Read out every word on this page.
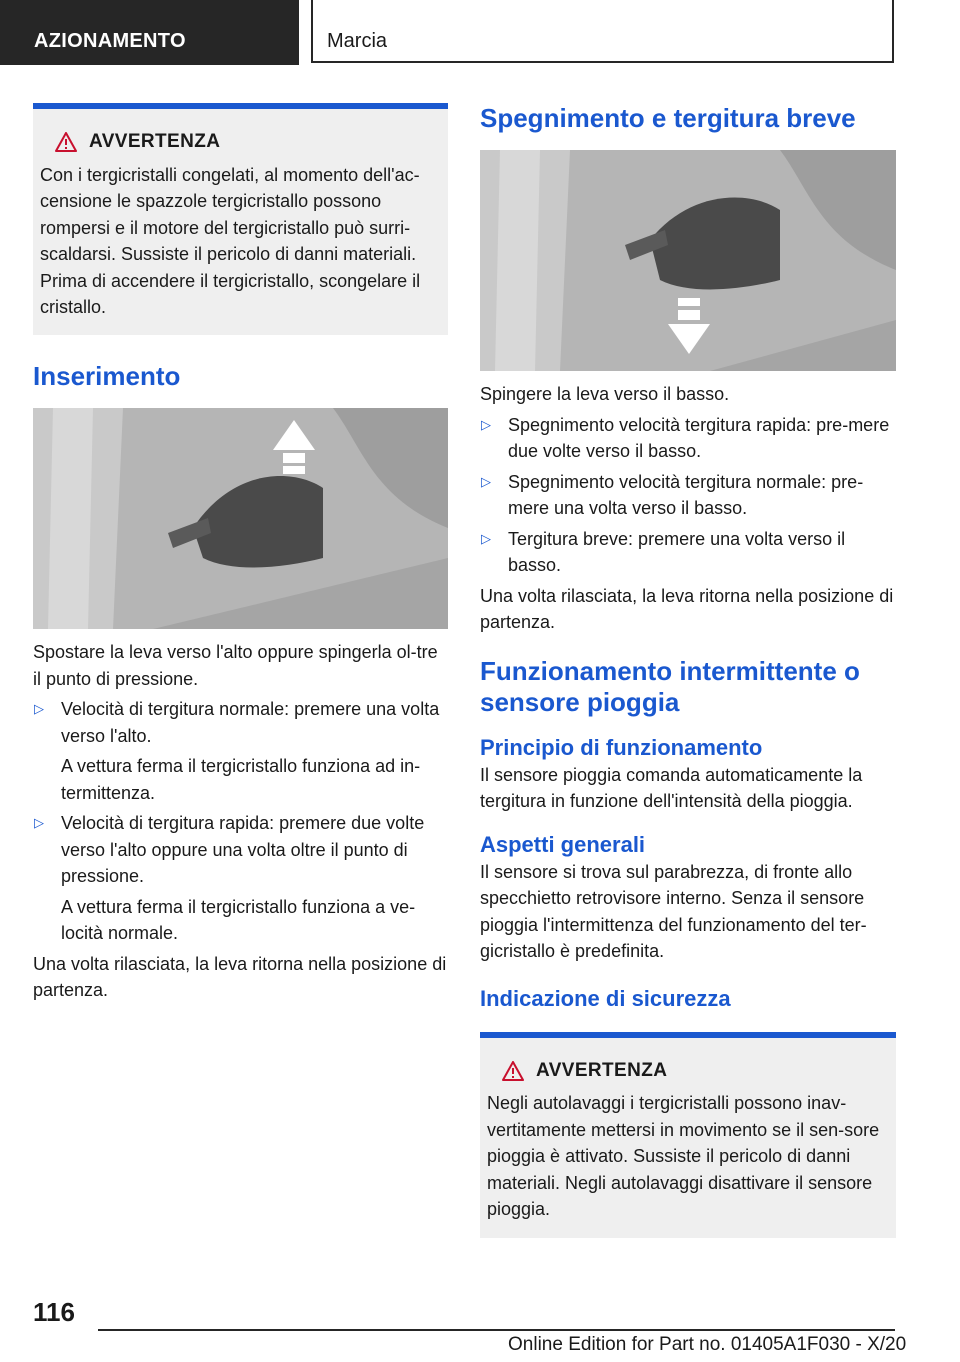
AZIONAMENTO	Marcia
AVVERTENZA

Con i tergicristalli congelati, al momento dell'ac-censione le spazzole tergicristallo possono rompersi e il motore del tergicristallo può surri-scaldarsi. Sussiste il pericolo di danni materiali. Prima di accendere il tergicristallo, scongelare il cristallo.

Inserimento

Spostare la leva verso l'alto oppure spingerla ol-tre il punto di pressione.

▷ Velocità di tergitura normale: premere una volta verso l'alto.

A vettura ferma il tergicristallo funziona ad in-termittenza.

▷ Velocità di tergitura rapida: premere due volte verso l'alto oppure una volta oltre il punto di pressione.

A vettura ferma il tergicristallo funziona a ve-locità normale.

Una volta rilasciata, la leva ritorna nella posizione di partenza.

Spegnimento e tergitura breve

Spingere la leva verso il basso.

▷ Spegnimento velocità tergitura rapida: pre-mere due volte verso il basso.

▷ Spegnimento velocità tergitura normale: pre-mere una volta verso il basso.

▷ Tergitura breve: premere una volta verso il basso.

Una volta rilasciata, la leva ritorna nella posizione di partenza.

Funzionamento intermittente o sensore pioggia
Principio di funzionamento

Il sensore pioggia comanda automaticamente la tergitura in funzione dell'intensità della pioggia.

Aspetti generali

Il sensore si trova sul parabrezza, di fronte allo specchietto retrovisore interno. Senza il sensore pioggia l'intermittenza del funzionamento del ter-gicristallo è predefinita.

Indicazione di sicurezza
AVVERTENZA

Negli autolavaggi i tergicristalli possono inav-vertitamente mettersi in movimento se il sen-sore pioggia è attivato. Sussiste il pericolo di danni materiali. Negli autolavaggi disattivare il sensore pioggia.

116
Online Edition for Part no. 01405A1F030 - X/20
